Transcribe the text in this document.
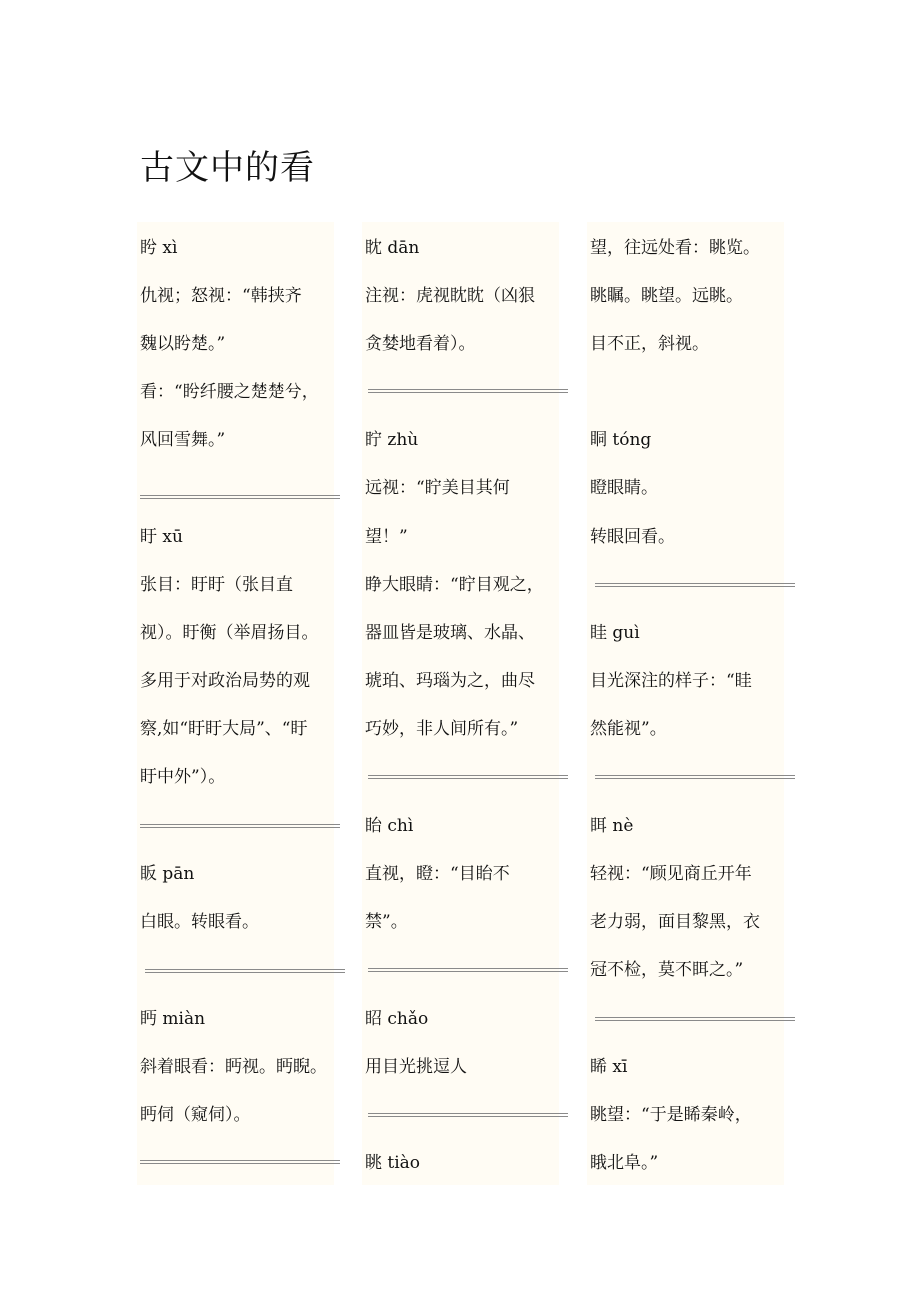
古文中的看
盻 xì
仇视；怒视：“韩挟齐
魏以盻楚。”
看：“盻纤腰之楚楚兮，
风回雪舞。”
盱 xū
张目：盱盱（张目直
视）。盱衡（举眉扬目。
多用于对政治局势的观
察,如“盱盱大局”、“盱
盱中外”）。
眅 pān
白眼。转眼看。
眄 miàn
斜着眼看：眄视。眄睨。
眄伺（窥伺）。
眈 dān
注视：虎视眈眈（凶狠
贪婪地看着）。
眝 zhù
远视：“眝美目其何
望！”
睁大眼睛：“眝目观之，
器皿皆是玻璃、水晶、
琥珀、玛瑙为之，曲尽
巧妙，非人间所有。”
眙 chì
直视，瞪：“目眙不
禁”。
眧 chǎo
用目光挑逗人
眺 tiào
望，往远处看：眺览。
眺瞩。眺望。远眺。
目不正，斜视。
眮 tóng
瞪眼睛。
转眼回看。
眭 guì
目光深注的样子：“眭
然能视”。
眲 nè
轻视：“顾见商丘开年
老力弱，面目黎黑，衣
冠不检，莫不眲之。”
睎 xī
眺望：“于是睎秦岭，
睋北阜。”
